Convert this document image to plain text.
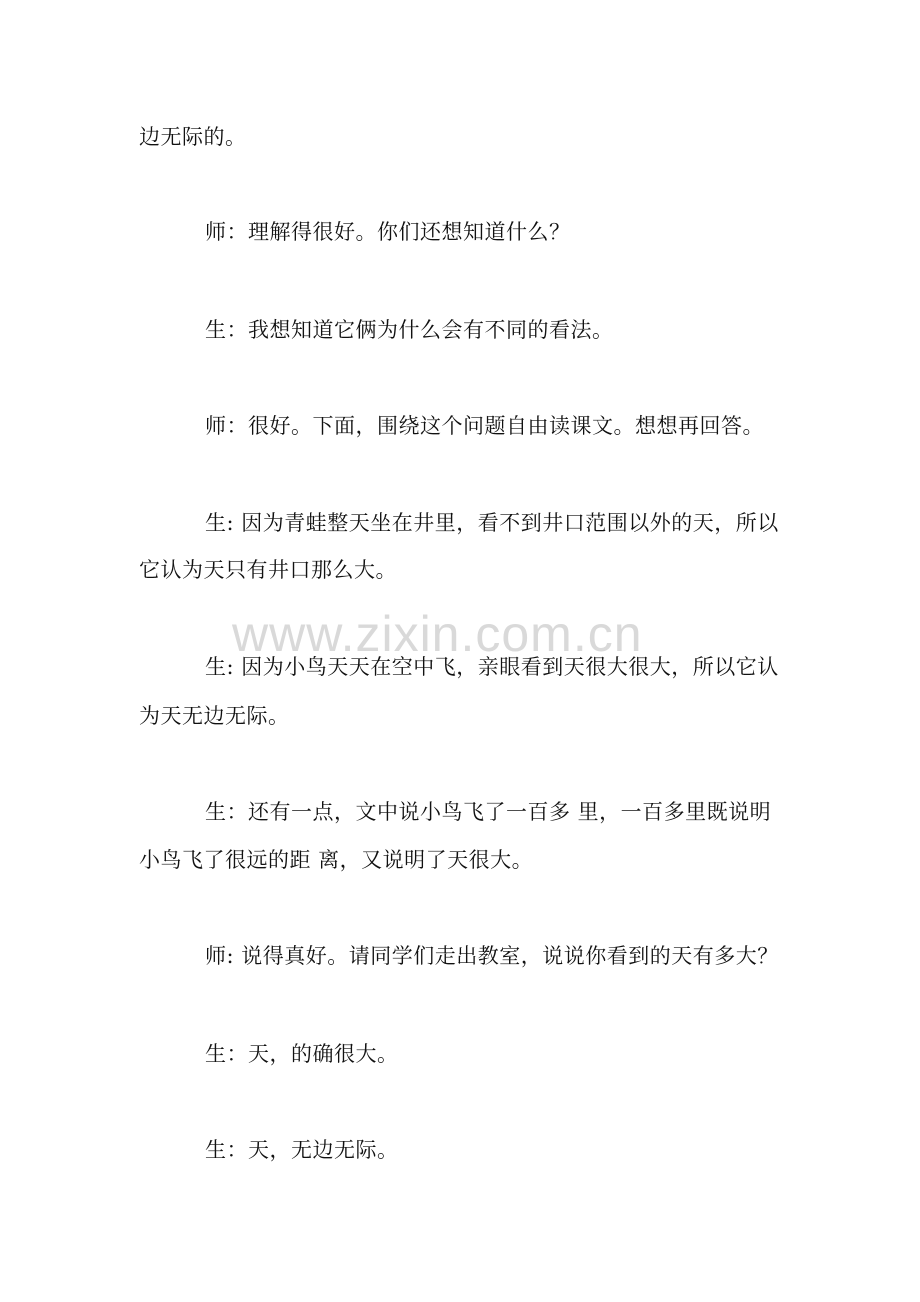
www.zixin.com.cn
边无际的。
师：理解得很好。你们还想知道什么？
生：我想知道它俩为什么会有不同的看法。
师：很好。下面，围绕这个问题自由读课文。想想再回答。
生: 因为青蛙整天坐在井里，看不到井口范围以外的天，所以
它认为天只有井口那么大。
生: 因为小鸟天天在空中飞，亲眼看到天很大很大，所以它认
为天无边无际。
生：还有一点，文中说小鸟飞了一百多 里，一百多里既说明
小鸟飞了很远的距 离，又说明了天很大。
师: 说得真好。请同学们走出教室，说说你看到的天有多大？
生：天，的确很大。
生：天，无边无际。
